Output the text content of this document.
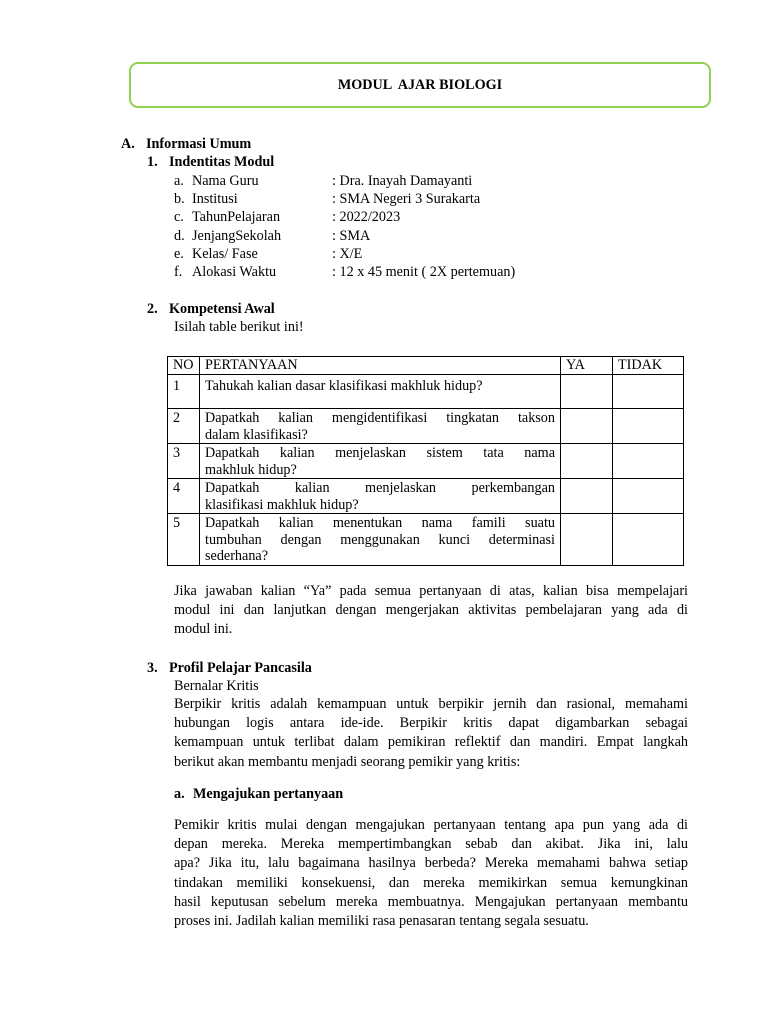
MODUL  AJAR BIOLOGI
A. Informasi Umum
1. Indentitas Modul
a. Nama Guru	: Dra. Inayah Damayanti
b. Institusi	: SMA Negeri 3 Surakarta
c. TahunPelajaran	: 2022/2023
d. JenjangSekolah	: SMA
e. Kelas/ Fase	: X/E
f. Alokasi Waktu	: 12 x 45 menit ( 2X pertemuan)
2. Kompetensi Awal
Isilah table berikut ini!
NO	PERTANYAAN	YA	TIDAK
1	Tahukah kalian dasar klasifikasi makhluk hidup?		

2	Dapatkah kalian mengidentifikasi tingkatan takson
dalam klasifikasi?		

3	Dapatkah kalian menjelaskan sistem tata nama
makhluk hidup?		

4	Dapatkah kalian menjelaskan perkembangan
klasifikasi makhluk hidup?		

5	Dapatkah kalian menentukan nama famili suatu
tumbuhan dengan menggunakan kunci determinasi
sederhana?		

Jika jawaban kalian “Ya” pada semua pertanyaan di atas, kalian bisa mempelajari
modul ini dan lanjutkan dengan mengerjakan aktivitas pembelajaran yang ada di
modul ini.
3. Profil Pelajar Pancasila
Bernalar Kritis
Berpikir kritis adalah kemampuan untuk berpikir jernih dan rasional, memahami
hubungan logis antara ide-ide. Berpikir kritis dapat digambarkan sebagai
kemampuan untuk terlibat dalam pemikiran reflektif dan mandiri. Empat langkah
berikut akan membantu menjadi seorang pemikir yang kritis:
a. Mengajukan pertanyaan
Pemikir kritis mulai dengan mengajukan pertanyaan tentang apa pun yang ada di
depan mereka. Mereka mempertimbangkan sebab dan akibat. Jika ini, lalu
apa? Jika itu, lalu bagaimana hasilnya berbeda? Mereka memahami bahwa setiap
tindakan memiliki konsekuensi, dan mereka memikirkan semua kemungkinan
hasil keputusan sebelum mereka membuatnya. Mengajukan pertanyaan membantu
proses ini. Jadilah kalian memiliki rasa penasaran tentang segala sesuatu.
